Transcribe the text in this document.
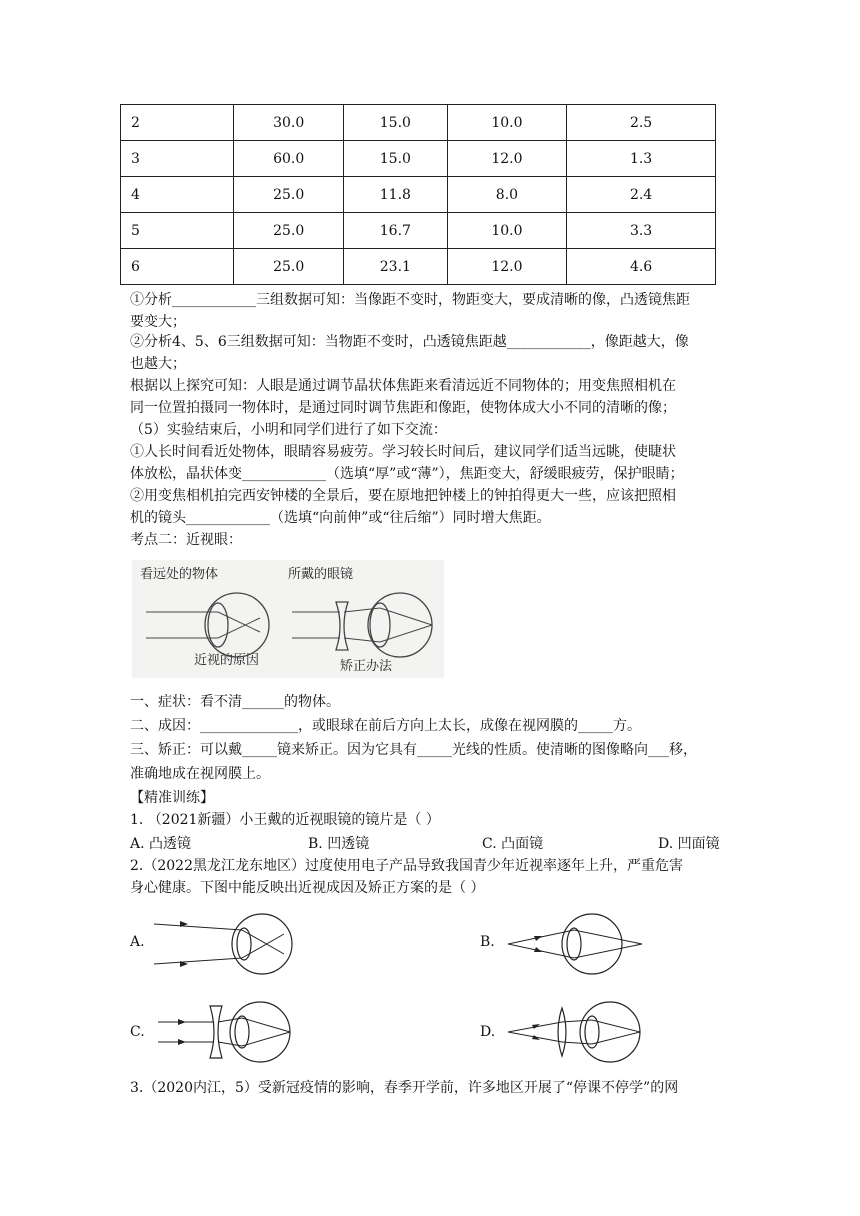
2	30.0	15.0	10.0	2.5
3	60.0	15.0	12.0	1.3
4	25.0	11.8	8.0	2.4
5	25.0	16.7	10.0	3.3
6	25.0	23.1	12.0	4.6
①分析____________三组数据可知：当像距不变时，物距变大，要成清晰的像，凸透镜焦距
要变大；
②分析4、5、6三组数据可知：当物距不变时，凸透镜焦距越____________，像距越大，像
也越大；
根据以上探究可知：人眼是通过调节晶状体焦距来看清远近不同物体的；用变焦照相机在
同一位置拍摄同一物体时，是通过同时调节焦距和像距，使物体成大小不同的清晰的像；
（5）实验结束后，小明和同学们进行了如下交流：
①人长时间看近处物体，眼睛容易疲劳。学习较长时间后，建议同学们适当远眺，使睫状
体放松，晶状体变____________（选填“厚”或“薄”），焦距变大，舒缓眼疲劳，保护眼睛；
②用变焦相机拍完西安钟楼的全景后，要在原地把钟楼上的钟拍得更大一些，应该把照相
机的镜头____________（选填“向前伸”或“往后缩”）同时增大焦距。
考点二：近视眼：
看远处的物体	所戴的眼镜
近视的原因	矫正办法
一、症状：看不清______的物体。
二、成因：______________，或眼球在前后方向上太长，成像在视网膜的_____方。
三、矫正：可以戴_____镜来矫正。因为它具有_____光线的性质。使清晰的图像略向___移，
准确地成在视网膜上。
【精准训练】
1. （2021新疆）小王戴的近视眼镜的镜片是（ ）
A. 凸透镜	B. 凹透镜	C. 凸面镜	D. 凹面镜
2.（2022黑龙江龙东地区）过度使用电子产品导致我国青少年近视率逐年上升，严重危害
身心健康。下图中能反映出近视成因及矫正方案的是（ ）
A.	B.
C.	D.
3.（2020内江，5）受新冠疫情的影响，春季开学前，许多地区开展了“停课不停学”的网
